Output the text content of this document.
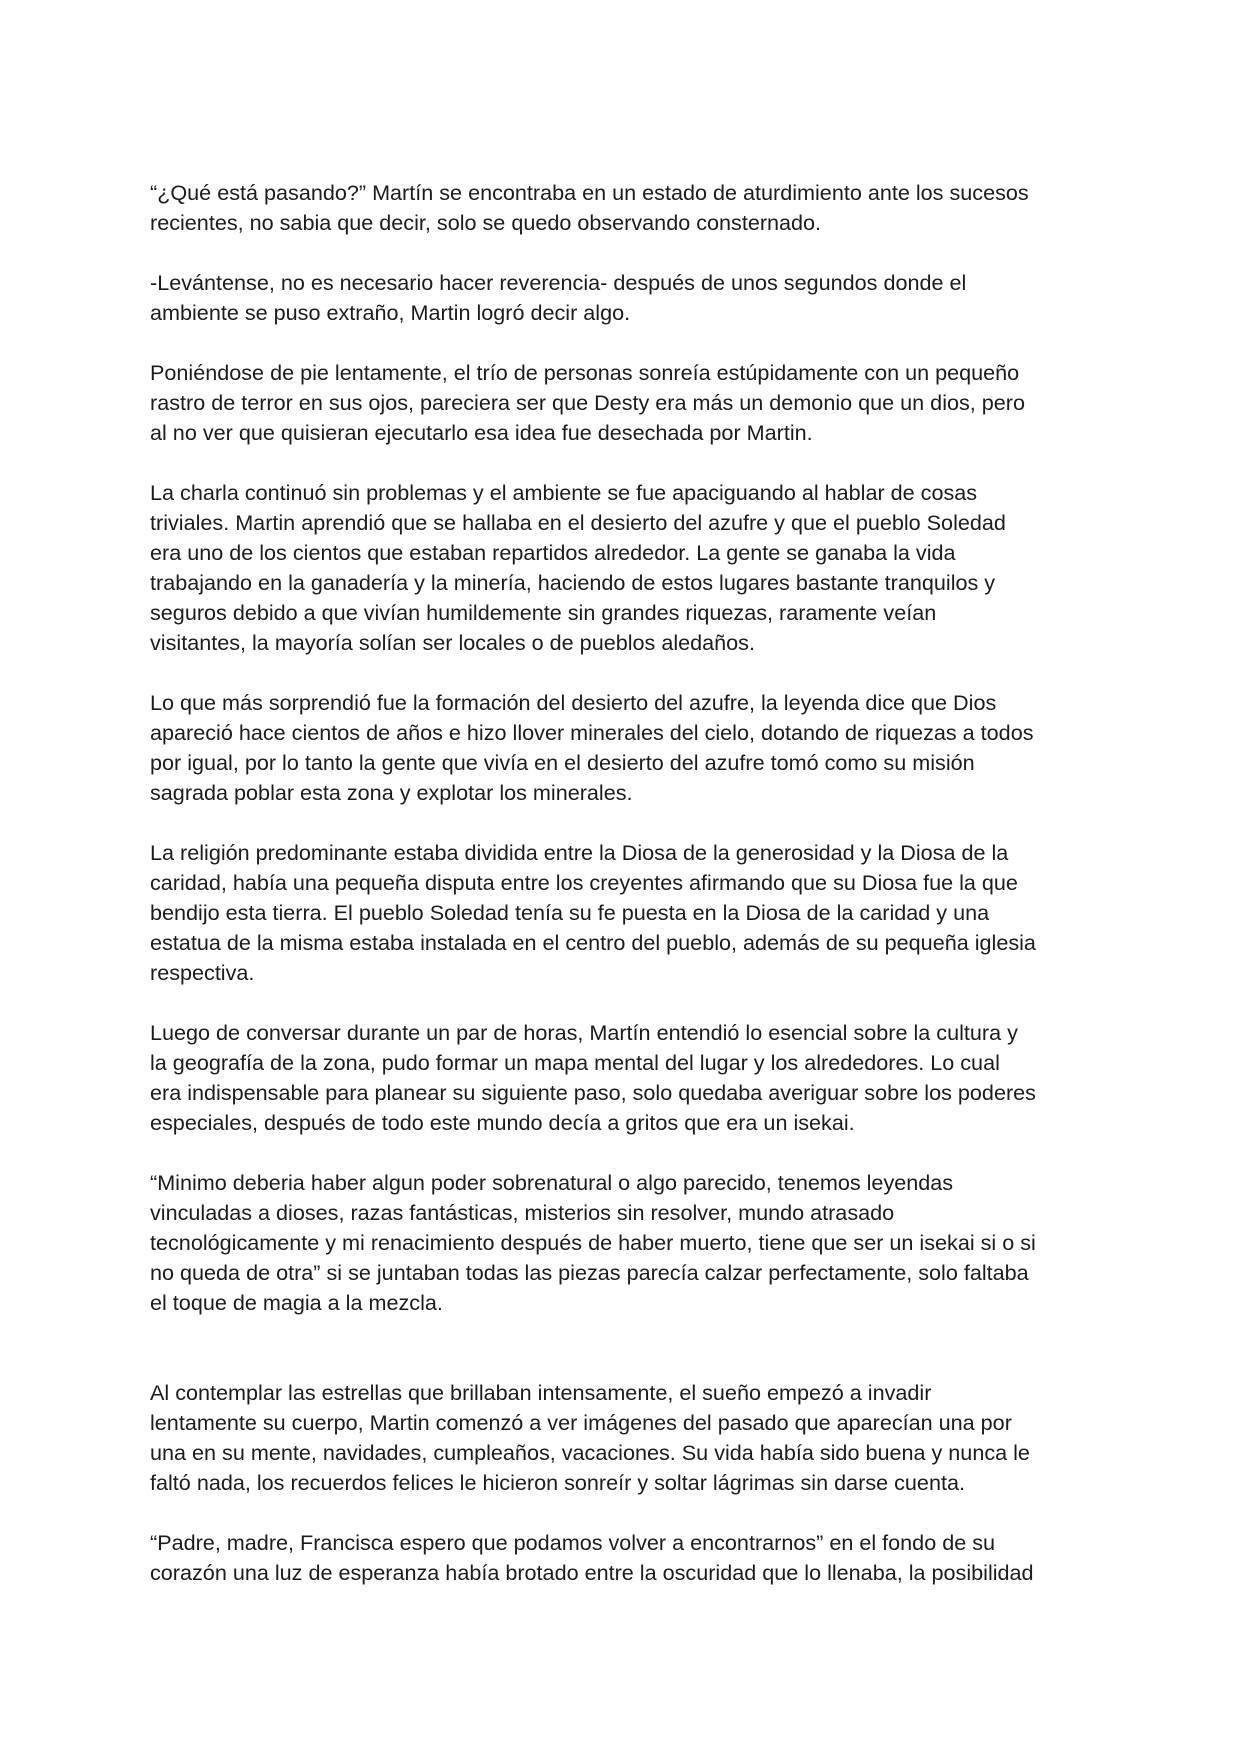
“¿Qué está pasando?” Martín se encontraba en un estado de aturdimiento ante los sucesos
recientes, no sabia que decir, solo se quedo observando consternado.

-Levántense, no es necesario hacer reverencia- después de unos segundos donde el
ambiente se puso extraño, Martin logró decir algo.

Poniéndose de pie lentamente, el trío de personas sonreía estúpidamente con un pequeño
rastro de terror en sus ojos, pareciera ser que Desty era más un demonio que un dios, pero
al no ver que quisieran ejecutarlo esa idea fue desechada por Martin.

La charla continuó sin problemas y el ambiente se fue apaciguando al hablar de cosas
triviales. Martin aprendió que se hallaba en el desierto del azufre y que el pueblo Soledad
era uno de los cientos que estaban repartidos alrededor. La gente se ganaba la vida
trabajando en la ganadería y la minería, haciendo de estos lugares bastante tranquilos y
seguros debido a que vivían humildemente sin grandes riquezas, raramente veían
visitantes, la mayoría solían ser locales o de pueblos aledaños.

Lo que más sorprendió fue la formación del desierto del azufre, la leyenda dice que Dios
apareció hace cientos de años e hizo llover minerales del cielo, dotando de riquezas a todos
por igual, por lo tanto la gente que vivía en el desierto del azufre tomó como su misión
sagrada poblar esta zona y explotar los minerales.

La religión predominante estaba dividida entre la Diosa de la generosidad y la Diosa de la
caridad, había una pequeña disputa entre los creyentes afirmando que su Diosa fue la que
bendijo esta tierra. El pueblo Soledad tenía su fe puesta en la Diosa de la caridad y una
estatua de la misma estaba instalada en el centro del pueblo, además de su pequeña iglesia
respectiva.

Luego de conversar durante un par de horas, Martín entendió lo esencial sobre la cultura y
la geografía de la zona, pudo formar un mapa mental del lugar y los alrededores. Lo cual
era indispensable para planear su siguiente paso, solo quedaba averiguar sobre los poderes
especiales, después de todo este mundo decía a gritos que era un isekai.

“Minimo deberia haber algun poder sobrenatural o algo parecido, tenemos leyendas
vinculadas a dioses, razas fantásticas, misterios sin resolver, mundo atrasado
tecnológicamente y mi renacimiento después de haber muerto, tiene que ser un isekai si o si
no queda de otra” si se juntaban todas las piezas parecía calzar perfectamente, solo faltaba
el toque de magia a la mezcla.

Al contemplar las estrellas que brillaban intensamente, el sueño empezó a invadir
lentamente su cuerpo, Martin comenzó a ver imágenes del pasado que aparecían una por
una en su mente, navidades, cumpleaños, vacaciones. Su vida había sido buena y nunca le
faltó nada, los recuerdos felices le hicieron sonreír y soltar lágrimas sin darse cuenta.

“Padre, madre, Francisca espero que podamos volver a encontrarnos” en el fondo de su
corazón una luz de esperanza había brotado entre la oscuridad que lo llenaba, la posibilidad
